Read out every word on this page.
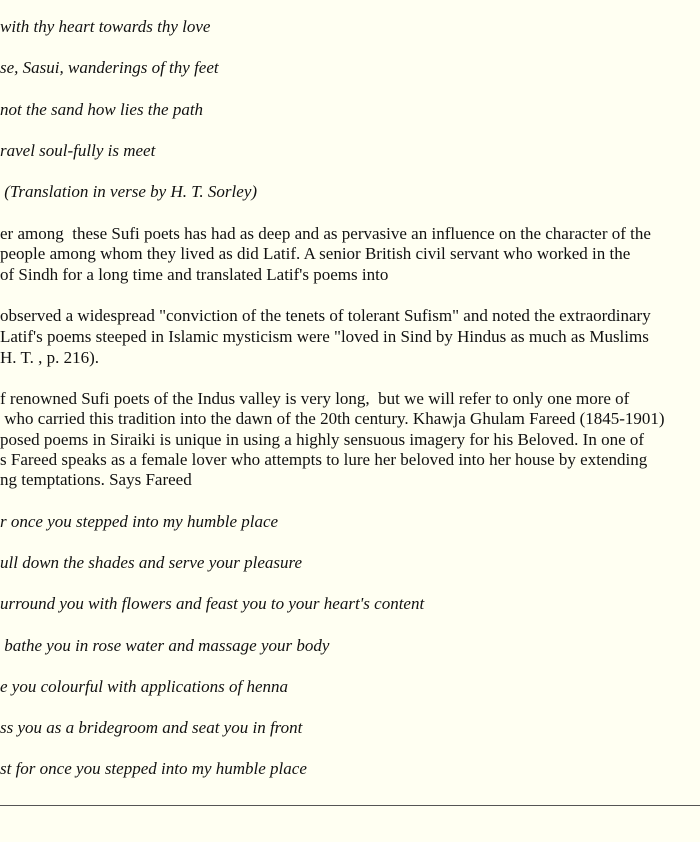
with thy heart towards thy love
se, Sasui, wanderings of thy feet
not the sand how lies the path
ravel soul-fully is meet
(Translation in verse by H. T. Sorley)
er among  these Sufi poets has had as deep and as pervasive an influence on the character of the
people among whom they lived as did Latif. A senior British civil servant who worked in the
of Sindh for a long time and translated Latif's poems into
observed a widespread "conviction of the tenets of tolerant Sufism" and noted the extraordinary
Latif's poems steeped in Islamic mysticism were "loved in Sind by Hindus as much as Muslims
H. T. , p. 216).
f renowned Sufi poets of the Indus valley is very long,  but we will refer to only one more of
who carried this tradition into the dawn of the 20th century. Khawja Ghulam Fareed (1845-1901)
posed poems in Siraiki is unique in using a highly sensuous imagery for his Beloved. In one of
s Fareed speaks as a female lover who attempts to lure her beloved into her house by extending
ng temptations. Says Fareed
r once you stepped into my humble place
ull down the shades and serve your pleasure
urround you with flowers and feast you to your heart's content
bathe you in rose water and massage your body
e you colourful with applications of henna
ss you as a bridegroom and seat you in front
st for once you stepped into my humble place
